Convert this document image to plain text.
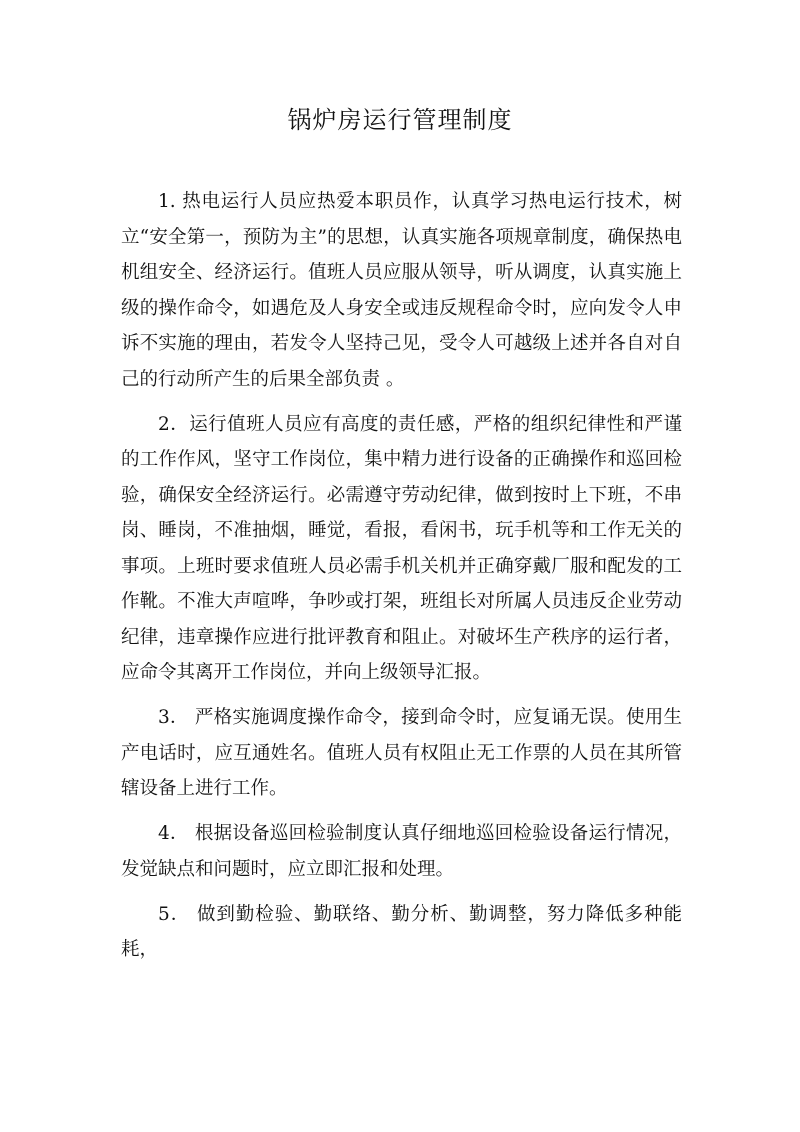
锅炉房运行管理制度

1. 热电运行人员应热爱本职员作，认真学习热电运行技术，树立“安全第一，预防为主”的思想，认真实施各项规章制度，确保热电机组安全、经济运行。值班人员应服从领导，听从调度，认真实施上级的操作命令，如遇危及人身安全或违反规程命令时，应向发令人申诉不实施的理由，若发令人坚持己见，受令人可越级上述并各自对自己的行动所产生的后果全部负责 。

2．运行值班人员应有高度的责任感，严格的组织纪律性和严谨的工作作风，坚守工作岗位，集中精力进行设备的正确操作和巡回检验，确保安全经济运行。必需遵守劳动纪律，做到按时上下班，不串岗、睡岗，不准抽烟，睡觉，看报，看闲书，玩手机等和工作无关的事项。上班时要求值班人员必需手机关机并正确穿戴厂服和配发的工作靴。不准大声喧哗，争吵或打架，班组长对所属人员违反企业劳动纪律，违章操作应进行批评教育和阻止。对破坏生产秩序的运行者，应命令其离开工作岗位，并向上级领导汇报。

3． 严格实施调度操作命令，接到命令时，应复诵无误。使用生产电话时，应互通姓名。值班人员有权阻止无工作票的人员在其所管辖设备上进行工作。

4． 根据设备巡回检验制度认真仔细地巡回检验设备运行情况，发觉缺点和问题时，应立即汇报和处理。

5． 做到勤检验、勤联络、勤分析、勤调整，努力降低多种能耗，
